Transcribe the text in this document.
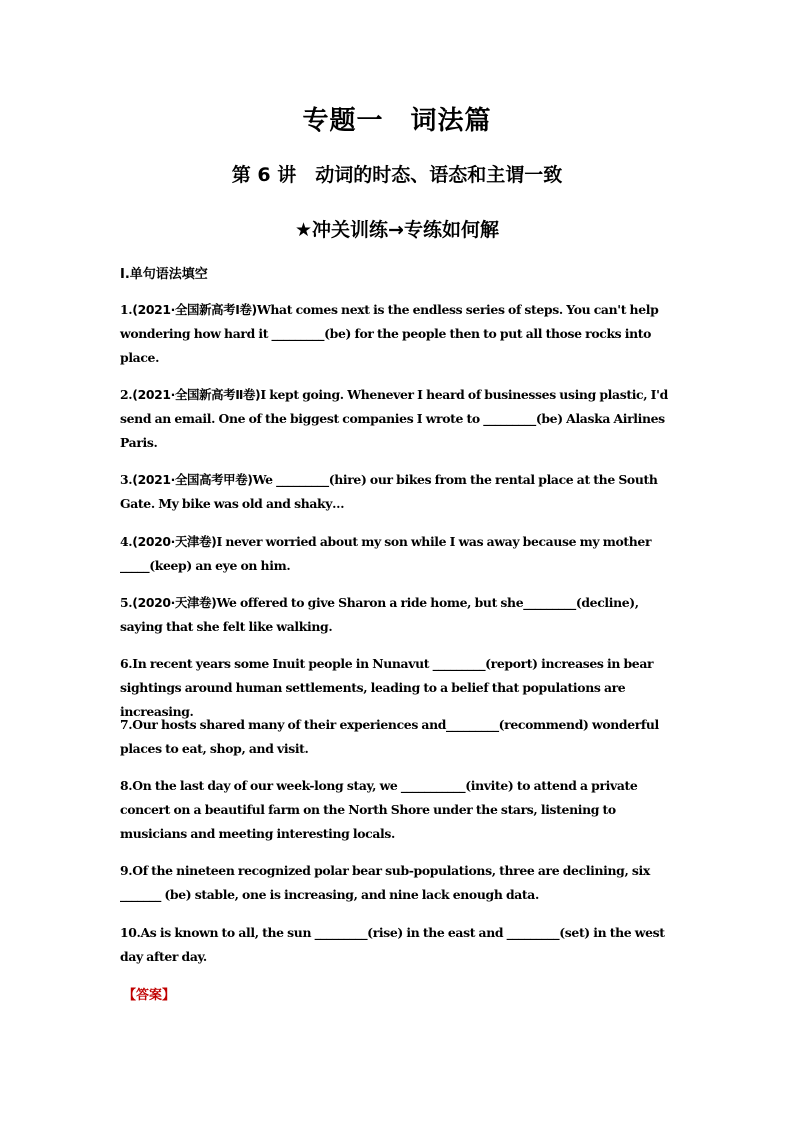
专题一　词法篇
第 6 讲　动词的时态、语态和主谓一致
★冲关训练→专练如何解
Ⅰ.单句语法填空
1.(2021·全国新高考Ⅰ卷)What comes next is the endless series of steps. You can't help wondering how hard it _________(be) for the people then to put all those rocks into place.
2.(2021·全国新高考Ⅱ卷)I kept going. Whenever I heard of businesses using plastic, I'd send an email. One of the biggest companies I wrote to _________(be) Alaska Airlines Paris.
3.(2021·全国高考甲卷)We _________(hire) our bikes from the rental place at the South Gate. My bike was old and shaky…
4.(2020·天津卷)I never worried about my son while I was away because my mother _____(keep) an eye on him.
5.(2020·天津卷)We offered to give Sharon a ride home, but she_________(decline), saying that she felt like walking.
6.In recent years some Inuit people in Nunavut _________(report) increases in bear sightings around human settlements, leading to a belief that populations are increasing.
7.Our hosts shared many of their experiences and_________(recommend) wonderful places to eat, shop, and visit.
8.On the last day of our week-long stay, we ___________(invite) to attend a private concert on a beautiful farm on the North Shore under the stars, listening to musicians and meeting interesting locals.
9.Of the nineteen recognized polar bear sub-populations, three are declining, six _______ (be) stable, one is increasing, and nine lack enough data.
10.As is known to all, the sun _________(rise) in the east and _________(set) in the west day after day.
【答案】
